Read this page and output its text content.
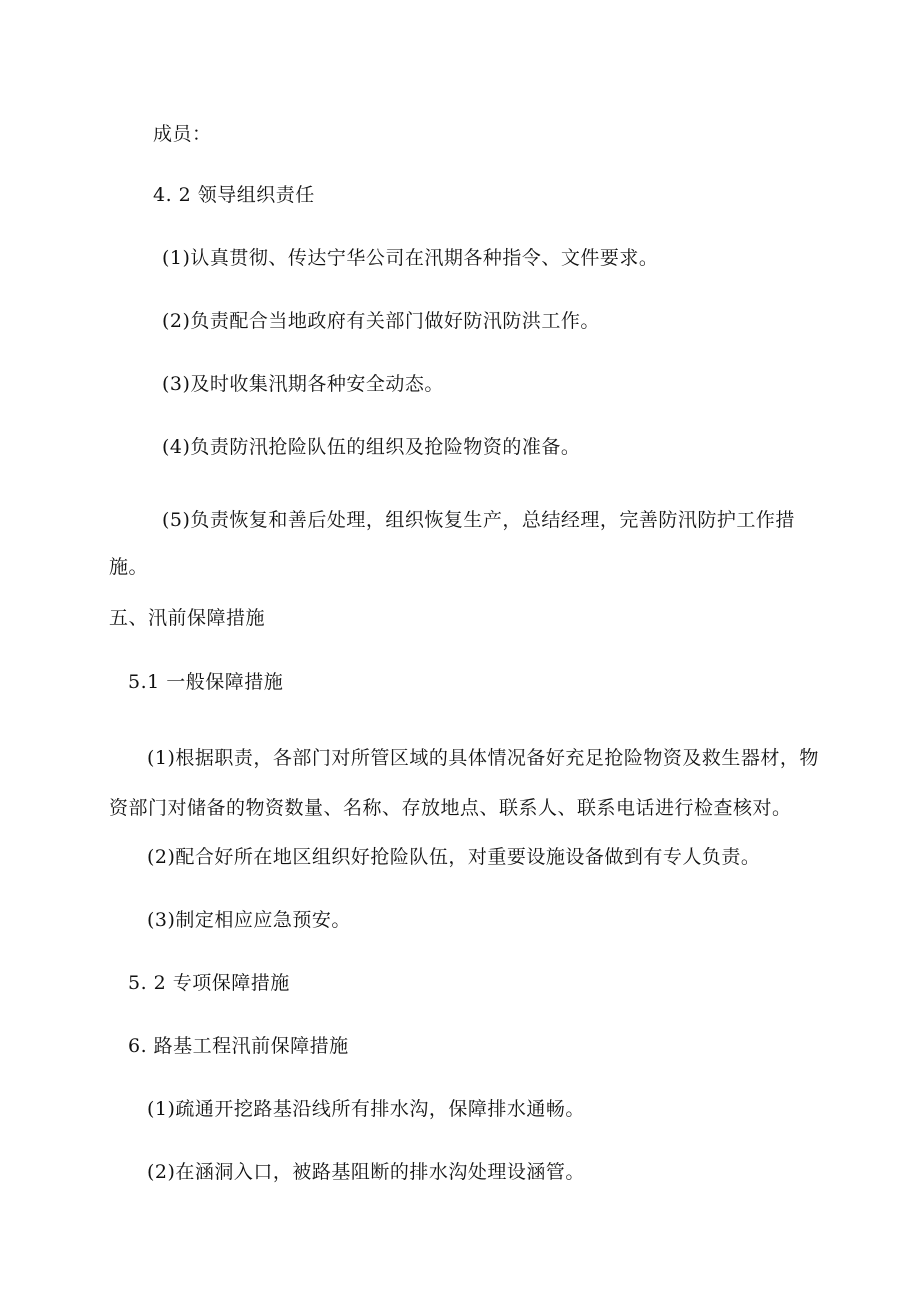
成员：
4. 2 领导组织责任
(1)认真贯彻、传达宁华公司在汛期各种指令、文件要求。
(2)负责配合当地政府有关部门做好防汛防洪工作。
(3)及时收集汛期各种安全动态。
(4)负责防汛抢险队伍的组织及抢险物资的准备。
(5)负责恢复和善后处理，组织恢复生产，总结经理，完善防汛防护工作措施。
五、汛前保障措施
5.1 一般保障措施
(1)根据职责，各部门对所管区域的具体情况备好充足抢险物资及救生器材，物资部门对储备的物资数量、名称、存放地点、联系人、联系电话进行检查核对。
(2)配合好所在地区组织好抢险队伍，对重要设施设备做到有专人负责。
(3)制定相应应急预安。
5. 2 专项保障措施
6. 路基工程汛前保障措施
(1)疏通开挖路基沿线所有排水沟，保障排水通畅。
(2)在涵洞入口，被路基阻断的排水沟处理设涵管。
